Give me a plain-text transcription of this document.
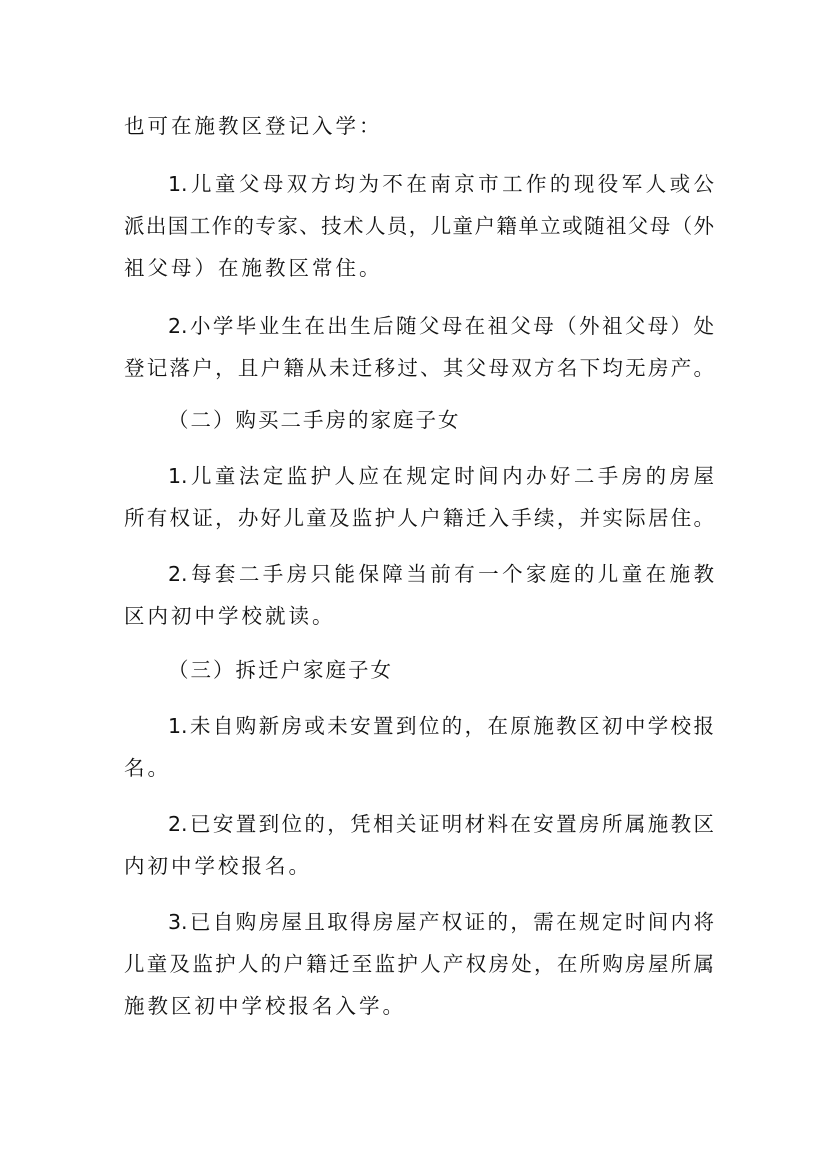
也可在施教区登记入学：
1.儿童父母双方均为不在南京市工作的现役军人或公
派出国工作的专家、技术人员，儿童户籍单立或随祖父母（外
祖父母）在施教区常住。
2.小学毕业生在出生后随父母在祖父母（外祖父母）处
登记落户，且户籍从未迁移过、其父母双方名下均无房产。
（二）购买二手房的家庭子女
1.儿童法定监护人应在规定时间内办好二手房的房屋
所有权证，办好儿童及监护人户籍迁入手续，并实际居住。
2.每套二手房只能保障当前有一个家庭的儿童在施教
区内初中学校就读。
（三）拆迁户家庭子女
1.未自购新房或未安置到位的，在原施教区初中学校报
名。
2.已安置到位的，凭相关证明材料在安置房所属施教区
内初中学校报名。
3.已自购房屋且取得房屋产权证的，需在规定时间内将
儿童及监护人的户籍迁至监护人产权房处，在所购房屋所属
施教区初中学校报名入学。
